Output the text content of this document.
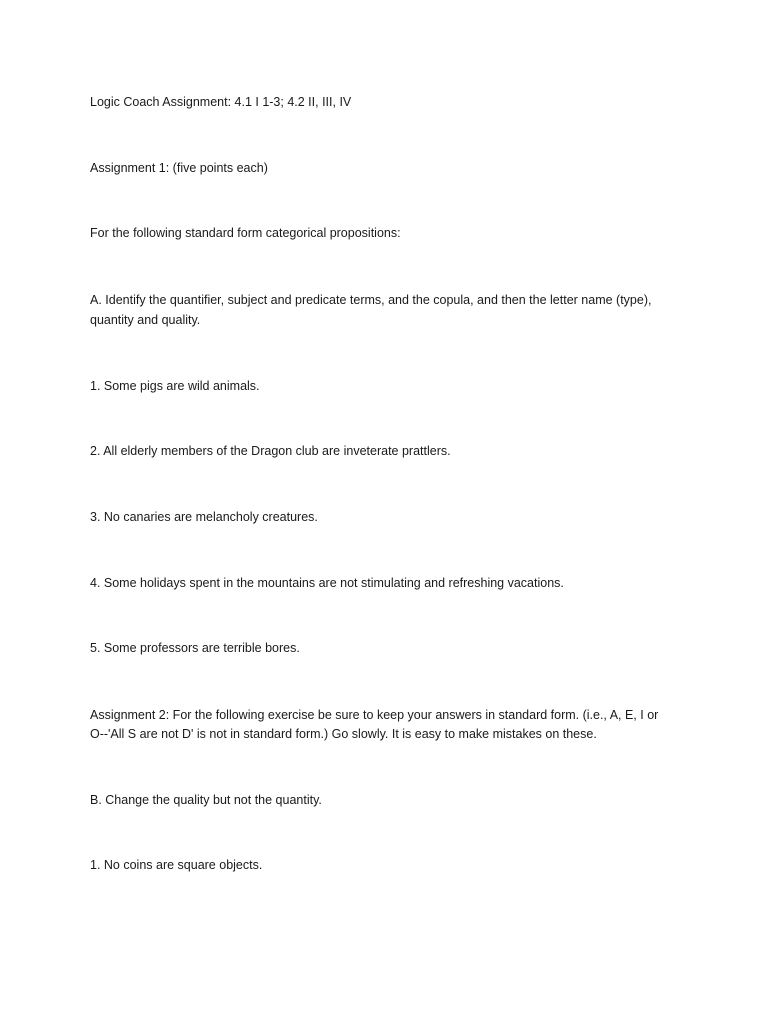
Logic Coach Assignment: 4.1 I 1-3; 4.2 II, III, IV
Assignment 1: (five points each)
For the following standard form categorical propositions:
A. Identify the quantifier, subject and predicate terms, and the copula, and then the letter name (type),
quantity and quality.
1. Some pigs are wild animals.
2. All elderly members of the Dragon club are inveterate prattlers.
3. No canaries are melancholy creatures.
4. Some holidays spent in the mountains are not stimulating and refreshing vacations.
5. Some professors are terrible bores.
Assignment 2: For the following exercise be sure to keep your answers in standard form. (i.e., A, E, I or
O--'All S are not D' is not in standard form.) Go slowly. It is easy to make mistakes on these.
B. Change the quality but not the quantity.
1. No coins are square objects.
